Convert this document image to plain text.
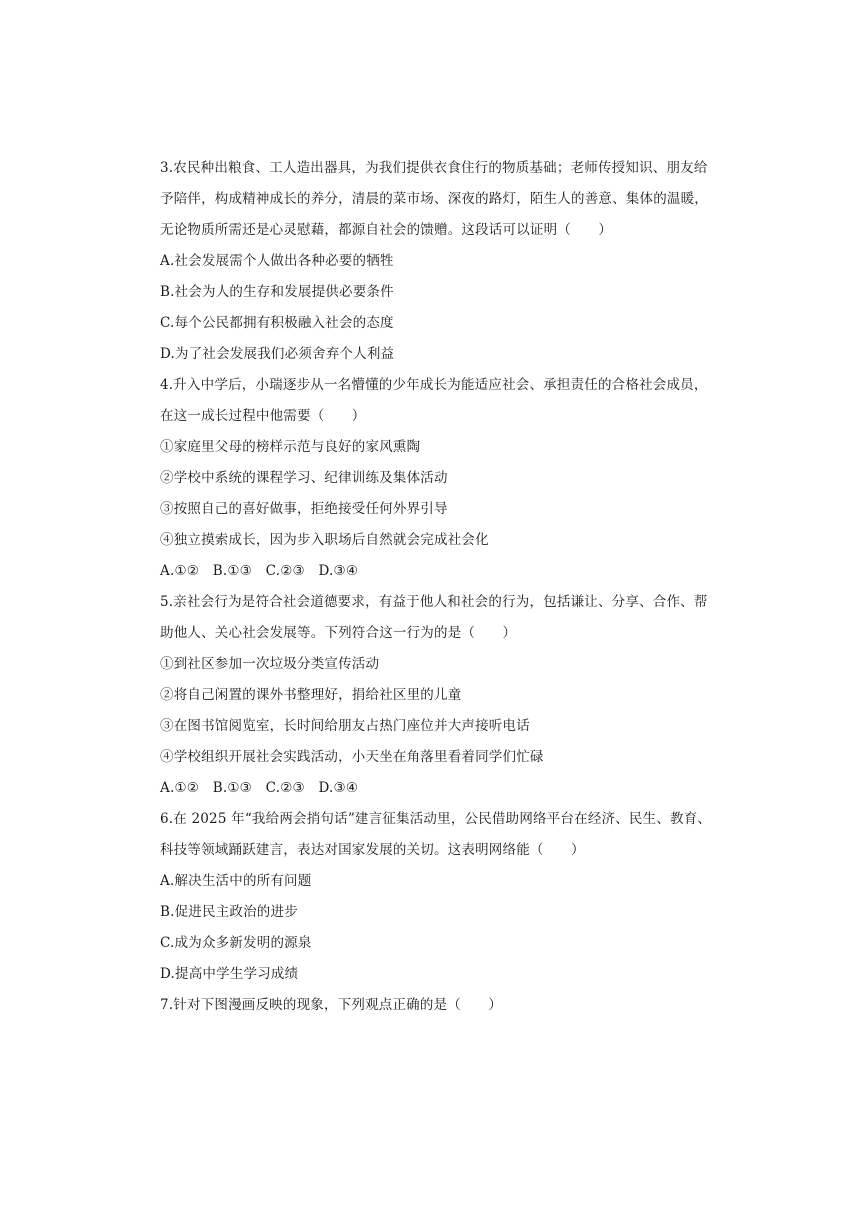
3.农民种出粮食、工人造出器具，为我们提供衣食住行的物质基础；老师传授知识、朋友给
予陪伴，构成精神成长的养分，清晨的菜市场、深夜的路灯，陌生人的善意、集体的温暖，
无论物质所需还是心灵慰藉，都源自社会的馈赠。这段话可以证明（　　）
A.社会发展需个人做出各种必要的牺牲
B.社会为人的生存和发展提供必要条件
C.每个公民都拥有积极融入社会的态度
D.为了社会发展我们必须舍弃个人利益
4.升入中学后，小瑞逐步从一名懵懂的少年成长为能适应社会、承担责任的合格社会成员，
在这一成长过程中他需要（　　）
①家庭里父母的榜样示范与良好的家风熏陶
②学校中系统的课程学习、纪律训练及集体活动
③按照自己的喜好做事，拒绝接受任何外界引导
④独立摸索成长，因为步入职场后自然就会完成社会化
A.①②　B.①③　C.②③　D.③④
5.亲社会行为是符合社会道德要求，有益于他人和社会的行为，包括谦让、分享、合作、帮
助他人、关心社会发展等。下列符合这一行为的是（　　）
①到社区参加一次垃圾分类宣传活动
②将自己闲置的课外书整理好，捐给社区里的儿童
③在图书馆阅览室，长时间给朋友占热门座位并大声接听电话
④学校组织开展社会实践活动，小天坐在角落里看着同学们忙碌
A.①②　B.①③　C.②③　D.③④
6.在 2025 年“我给两会捎句话”建言征集活动里，公民借助网络平台在经济、民生、教育、
科技等领域踊跃建言，表达对国家发展的关切。这表明网络能（　　）
A.解决生活中的所有问题
B.促进民主政治的进步
C.成为众多新发明的源泉
D.提高中学生学习成绩
7.针对下图漫画反映的现象，下列观点正确的是（　　）
